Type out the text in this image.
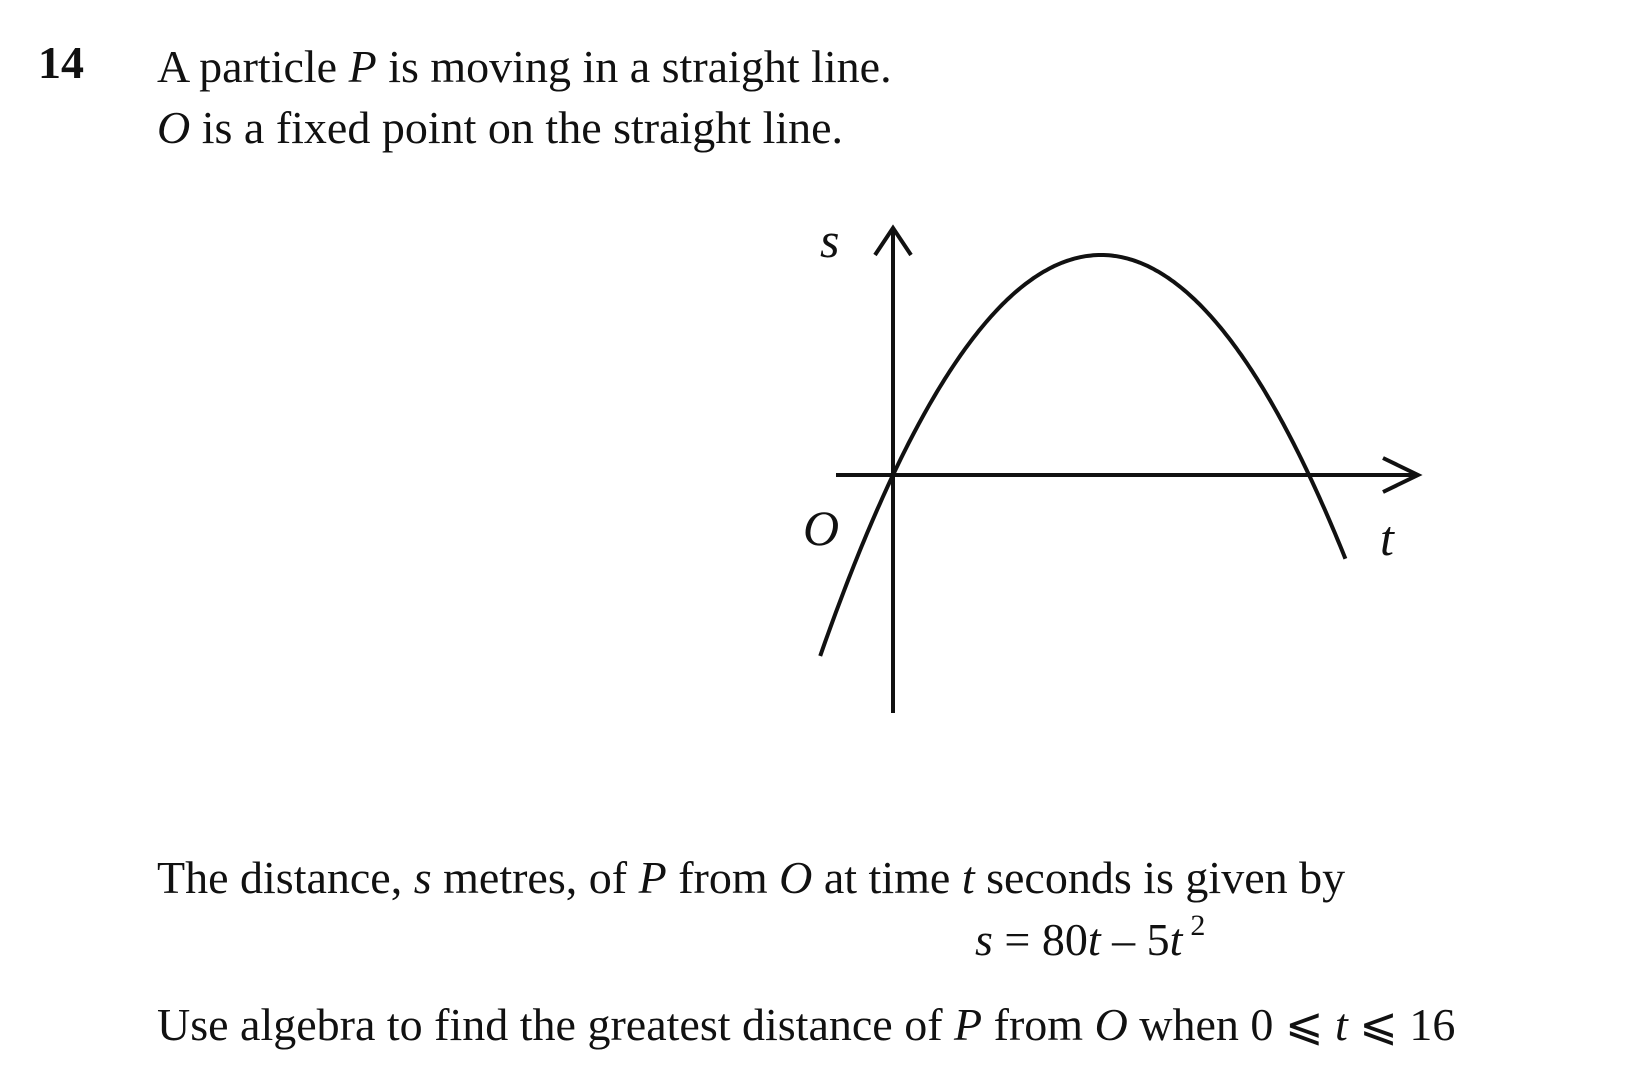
14 A particle P is moving in a straight line.
O is a fixed point on the straight line.
s
O	t
The distance, s metres, of P from O at time t seconds is given by
s = 80t – 5t $^2$
Use algebra to find the greatest distance of P from O when 0 ⩽ t ⩽ 16
